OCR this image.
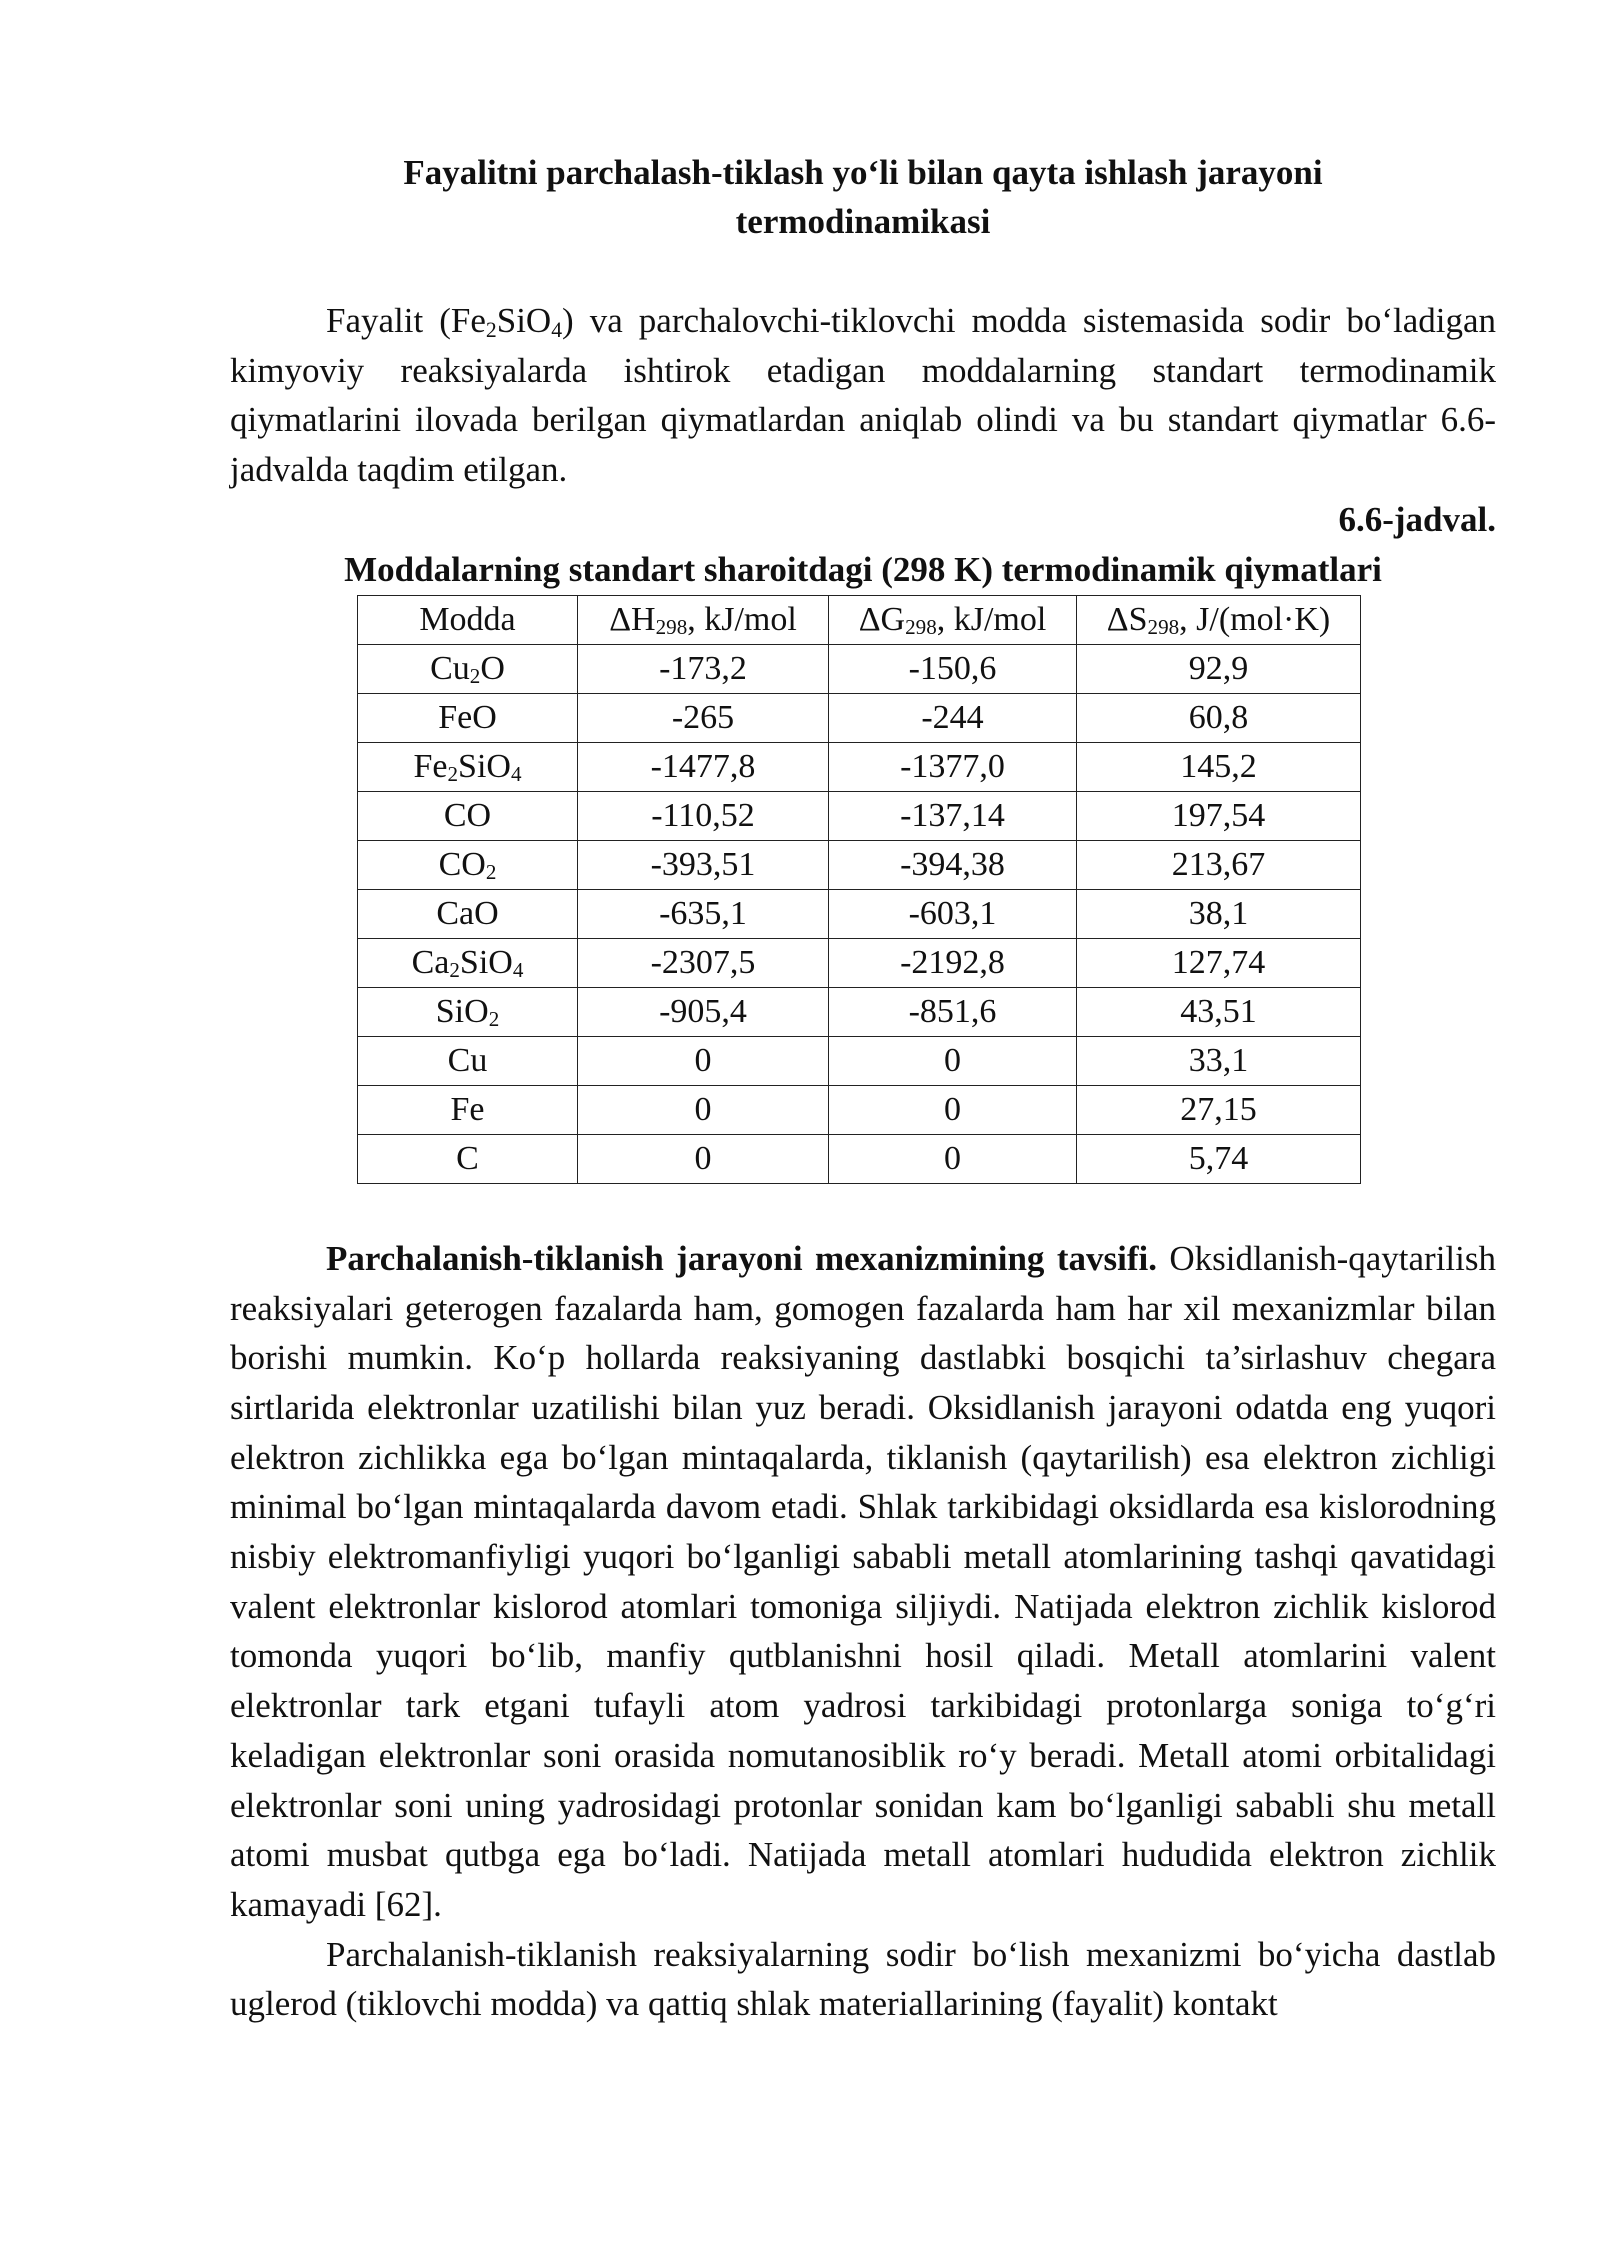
Fayalitni parchalash-tiklash yo‘li bilan qayta ishlash jarayoni
termodinamikasi

Fayalit $(Fe_2SiO_4)$ va parchalovchi-tiklovchi modda sistemasida sodir bo‘ladigan kimyoviy reaksiyalarda ishtirok etadigan moddalarning standart termodinamik qiymatlarini ilovada berilgan qiymatlardan aniqlab olindi va bu standart qiymatlar 6.6-jadvalda taqdim etilgan.

6.6-jadval.

Moddalarning standart sharoitdagi (298 K) termodinamik qiymatlari

Modda	$\Delta H_{298}$, kJ/mol	$\Delta G_{298}$, kJ/mol	$\Delta S_{298}$, J/(mol·K)
$Cu_2O$	-173,2	-150,6	92,9
FeO	-265	-244	60,8
$Fe_2SiO_4$	-1477,8	-1377,0	145,2
CO	-110,52	-137,14	197,54
$CO_2$	-393,51	-394,38	213,67
CaO	-635,1	-603,1	38,1
$Ca_2SiO_4$	-2307,5	-2192,8	127,74
SiO$_2$	-905,4	-851,6	43,51
Cu	0	0	33,1
Fe	0	0	27,15
C	0	0	5,74

Parchalanish-tiklanish jarayoni mexanizmining tavsifi. Oksidlanish-qaytarilish reaksiyalari geterogen fazalarda ham, gomogen fazalarda ham har xil mexanizmlar bilan borishi mumkin. Ko‘p hollarda reaksiyaning dastlabki bosqichi ta’sirlashuv chegara sirtlarida elektronlar uzatilishi bilan yuz beradi. Oksidlanish jarayoni odatda eng yuqori elektron zichlikka ega bo‘lgan mintaqalarda, tiklanish (qaytarilish) esa elektron zichligi minimal bo‘lgan mintaqalarda davom etadi. Shlak tarkibidagi oksidlarda esa kislorodning nisbiy elektromanfiyligi yuqori bo‘lganligi sababli metall atomlarining tashqi qavatidagi valent elektronlar kislorod atomlari tomoniga siljiydi. Natijada elektron zichlik kislorod tomonda yuqori bo‘lib, manfiy qutblanishni hosil qiladi. Metall atomlarini valent elektronlar tark etgani tufayli atom yadrosi tarkibidagi protonlarga soniga to‘g‘ri keladigan elektronlar soni orasida nomutanosiblik ro‘y beradi. Metall atomi orbitalidagi elektronlar soni uning yadrosidagi protonlar sonidan kam bo‘lganligi sababli shu metall atomi musbat qutbga ega bo‘ladi. Natijada metall atomlari hududida elektron zichlik kamayadi [62].

Parchalanish-tiklanish reaksiyalarning sodir bo‘lish mexanizmi bo‘yicha dastlab uglerod (tiklovchi modda) va qattiq shlak materiallarining (fayalit) kontakt
